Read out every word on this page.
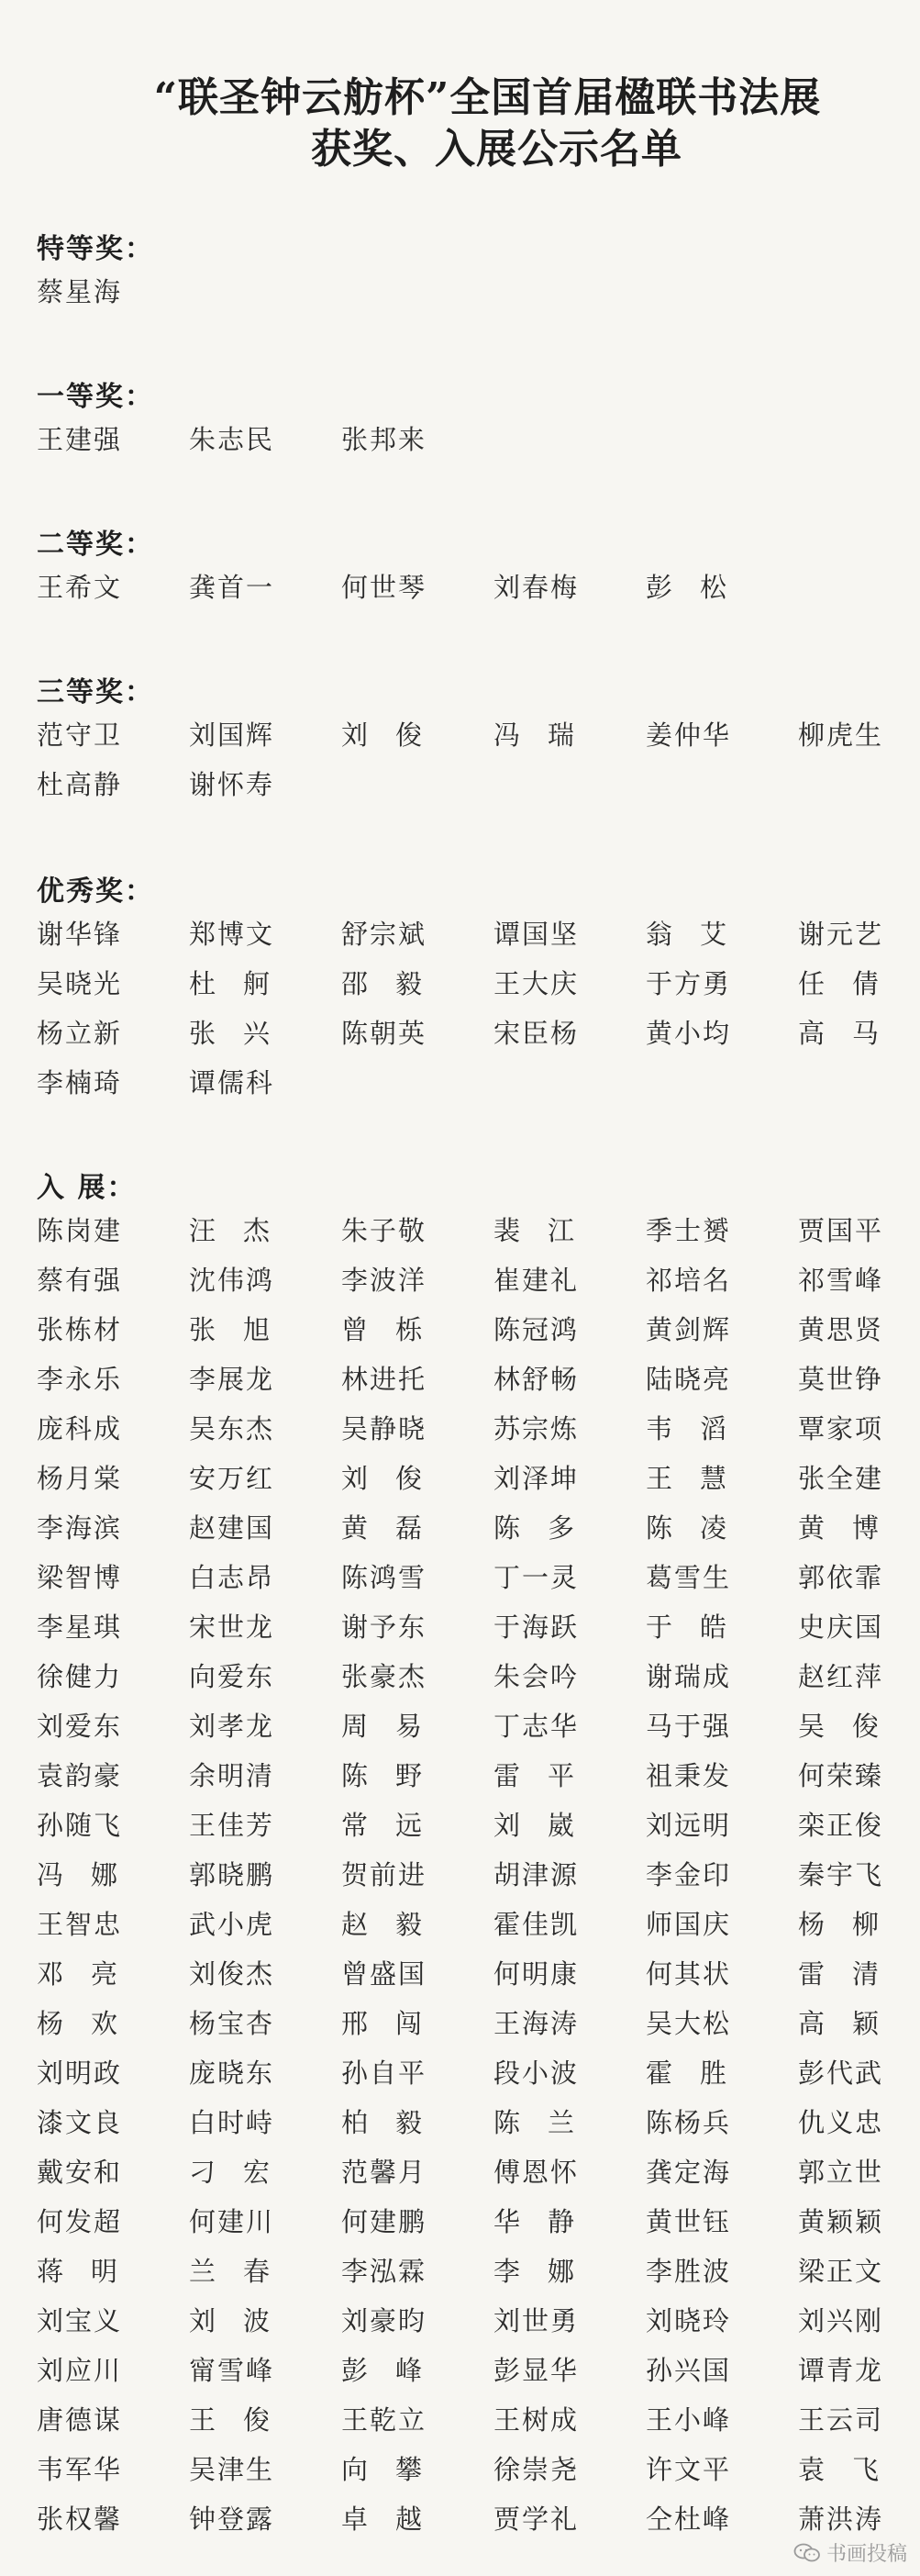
“联圣钟云舫杯”全国首届楹联书法展
获奖、入展公示名单
特等奖：
蔡星海
一等奖：
王建强	朱志民	张邦来
二等奖：
王希文	龚首一	何世琴	刘春梅	彭松
三等奖：
范守卫	刘国辉	刘俊	冯瑞	姜仲华	柳虎生
杜高静	谢怀寿
优秀奖：
谢华锋	郑博文	舒宗斌	谭国坚	翁艾	谢元艺
吴晓光	杜舸	邵毅	王大庆	于方勇	任倩
杨立新	张兴	陈朝英	宋臣杨	黄小均	高马
李楠琦	谭儒科
入 展：
陈岗建	汪杰	朱子敬	裴江	季士赟	贾国平
蔡有强	沈伟鸿	李波洋	崔建礼	祁培名	祁雪峰
张栋材	张旭	曾栎	陈冠鸿	黄剑辉	黄思贤
李永乐	李展龙	林进托	林舒畅	陆晓亮	莫世铮
庞科成	吴东杰	吴静晓	苏宗炼	韦滔	覃家项
杨月棠	安万红	刘俊	刘泽坤	王慧	张全建
李海滨	赵建国	黄磊	陈多	陈凌	黄博
梁智博	白志昂	陈鸿雪	丁一灵	葛雪生	郭依霏
李星琪	宋世龙	谢予东	于海跃	于皓	史庆国
徐健力	向爱东	张豪杰	朱会吟	谢瑞成	赵红萍
刘爱东	刘孝龙	周易	丁志华	马于强	吴俊
袁韵豪	余明清	陈野	雷平	祖秉发	何荣臻
孙随飞	王佳芳	常远	刘崴	刘远明	栾正俊
冯娜	郭晓鹏	贺前进	胡津源	李金印	秦宇飞
王智忠	武小虎	赵毅	霍佳凯	师国庆	杨柳
邓亮	刘俊杰	曾盛国	何明康	何其状	雷清
杨欢	杨宝杏	邢闯	王海涛	吴大松	高颖
刘明政	庞晓东	孙自平	段小波	霍胜	彭代武
漆文良	白时峙	柏毅	陈兰	陈杨兵	仇义忠
戴安和	刁宏	范馨月	傅恩怀	龚定海	郭立世
何发超	何建川	何建鹏	华静	黄世钰	黄颖颖
蒋明	兰春	李泓霖	李娜	李胜波	梁正文
刘宝义	刘波	刘豪昀	刘世勇	刘晓玲	刘兴刚
刘应川	甯雪峰	彭峰	彭显华	孙兴国	谭青龙
唐德谋	王俊	王乾立	王树成	王小峰	王云司
韦军华	吴津生	向攀	徐崇尧	许文平	袁飞
张权馨	钟登露	卓越	贾学礼	仝杜峰	萧洪涛
书画投稿
